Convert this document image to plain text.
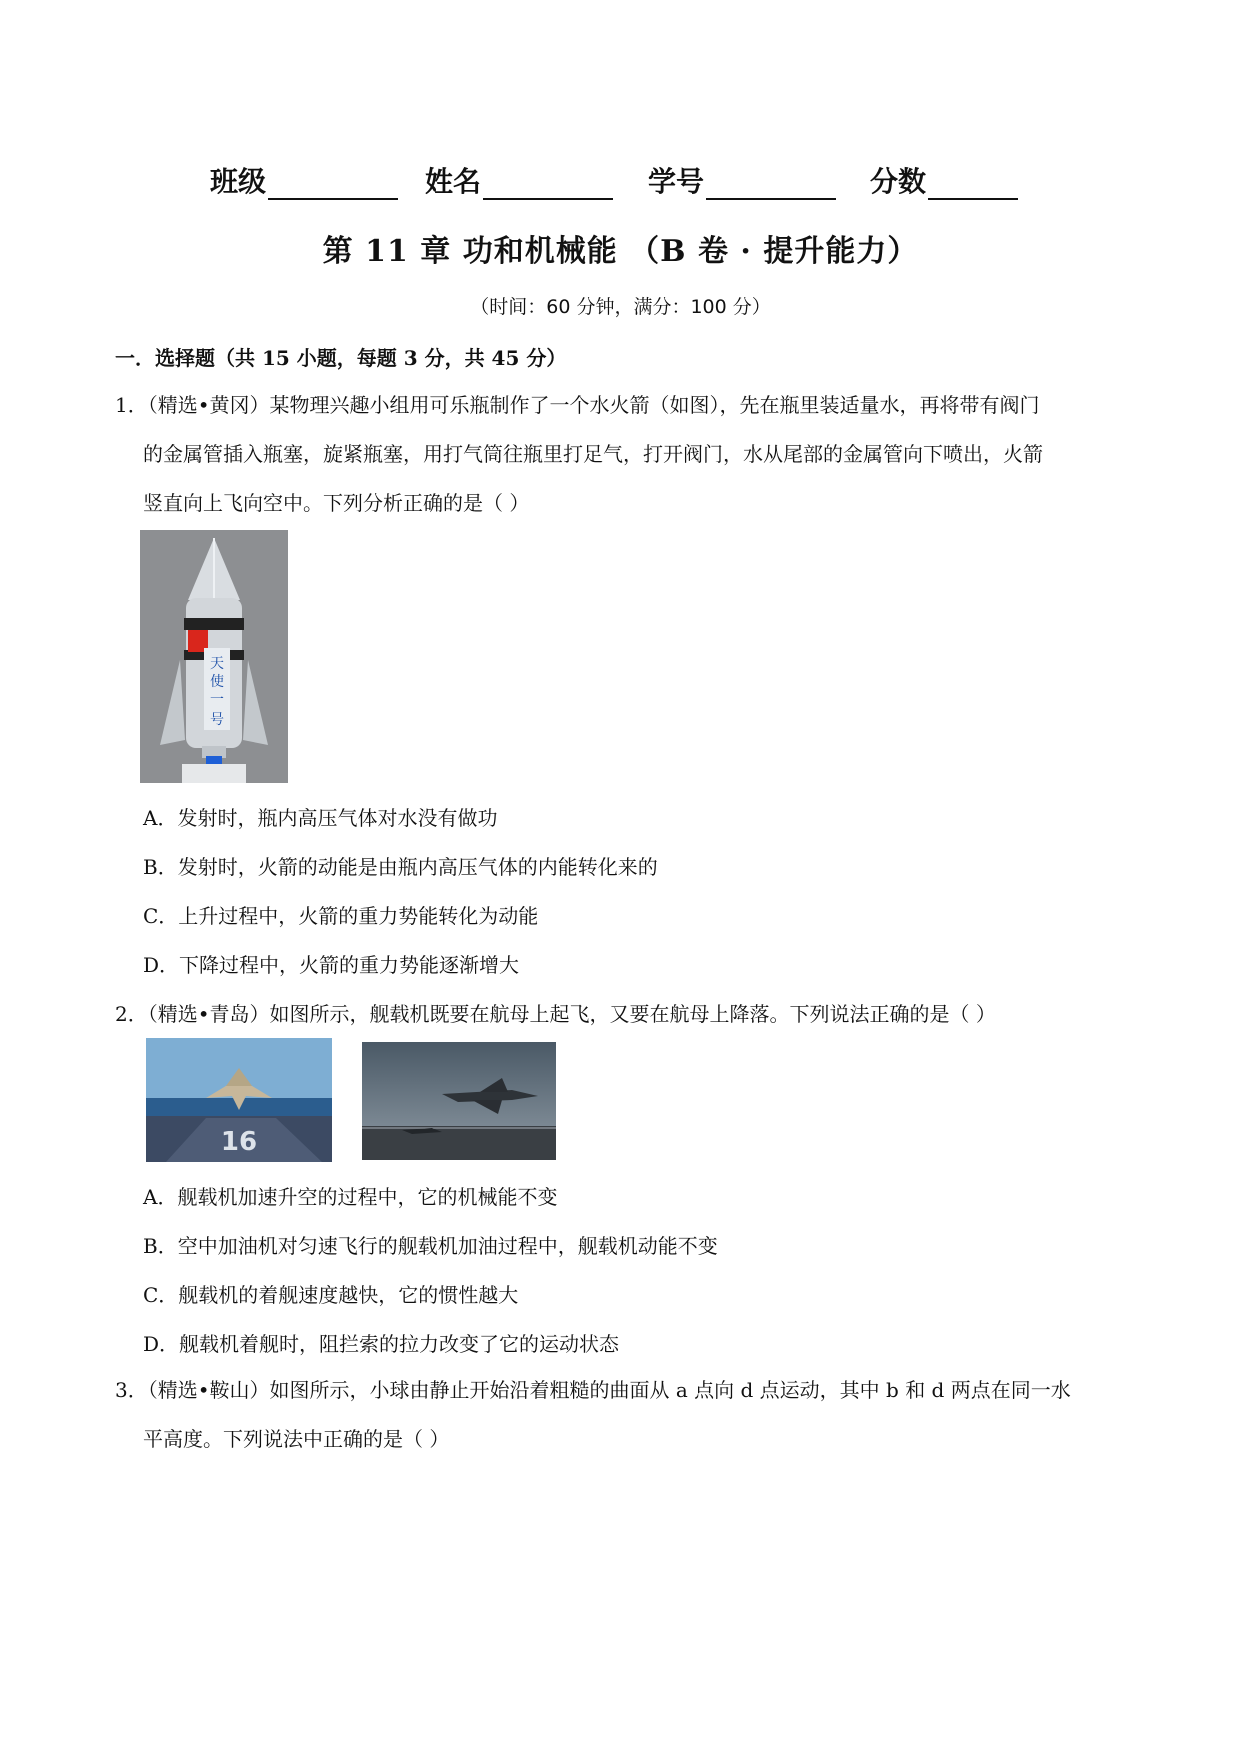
班级	姓名	学号	分数
第 11 章 功和机械能 （B 卷 · 提升能力）
（时间：60 分钟，满分：100 分）
一．选择题（共 15 小题，每题 3 分，共 45 分）
1．（精选•黄冈）某物理兴趣小组用可乐瓶制作了一个水火箭（如图），先在瓶里装适量水，再将带有阀门
的金属管插入瓶塞，旋紧瓶塞，用打气筒往瓶里打足气，打开阀门，水从尾部的金属管向下喷出，火箭
竖直向上飞向空中。下列分析正确的是（ ）
天
使
一
号
A．发射时，瓶内高压气体对水没有做功
B．发射时，火箭的动能是由瓶内高压气体的内能转化来的
C．上升过程中，火箭的重力势能转化为动能
D．下降过程中，火箭的重力势能逐渐增大
2．（精选•青岛）如图所示，舰载机既要在航母上起飞，又要在航母上降落。下列说法正确的是（ ）
16
A．舰载机加速升空的过程中，它的机械能不变
B．空中加油机对匀速飞行的舰载机加油过程中，舰载机动能不变
C．舰载机的着舰速度越快，它的惯性越大
D．舰载机着舰时，阻拦索的拉力改变了它的运动状态
3．（精选•鞍山）如图所示，小球由静止开始沿着粗糙的曲面从 a 点向 d 点运动，其中 b 和 d 两点在同一水
平高度。下列说法中正确的是（ ）
